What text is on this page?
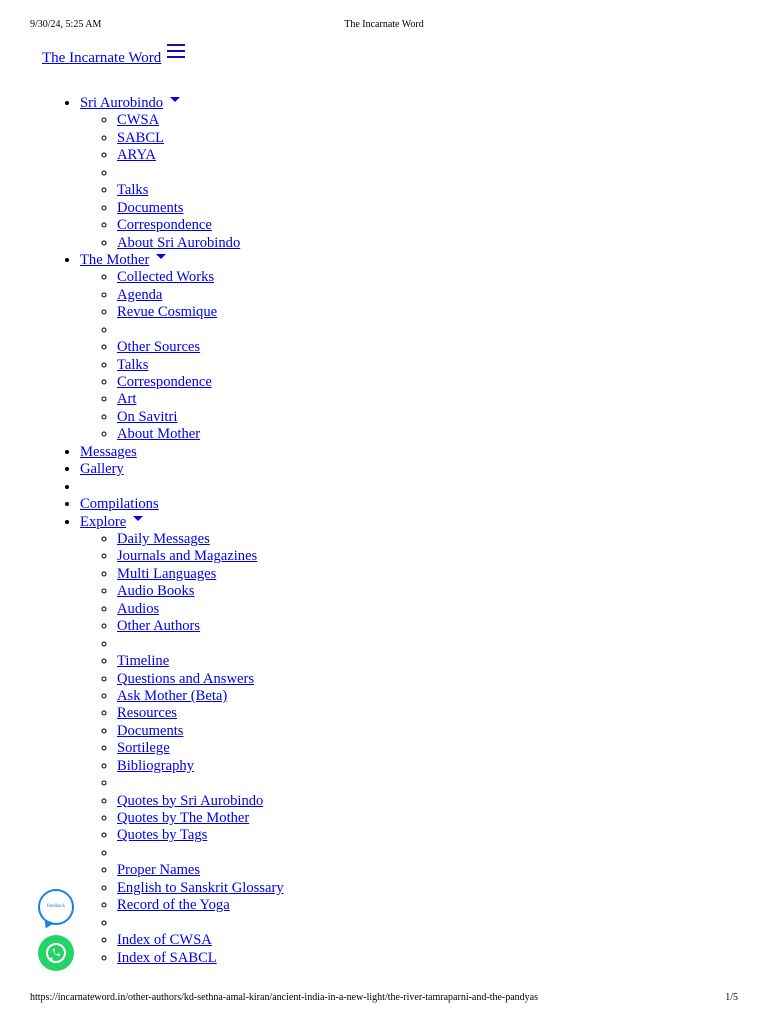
9/30/24, 5:25 AM	The Incarnate Word
The Incarnate Word
• Sri Aurobindo
◦ CWSA
◦ SABCL
◦ ARYA
◦
◦ Talks
◦ Documents
◦ Correspondence
◦ About Sri Aurobindo
• The Mother
◦ Collected Works
◦ Agenda
◦ Revue Cosmique
◦
◦ Other Sources
◦ Talks
◦ Correspondence
◦ Art
◦ On Savitri
◦ About Mother
• Messages
• Gallery
•
• Compilations
• Explore
◦ Daily Messages
◦ Journals and Magazines
◦ Multi Languages
◦ Audio Books
◦ Audios
◦ Other Authors
◦
◦ Timeline
◦ Questions and Answers
◦ Ask Mother (Beta)
◦ Resources
◦ Documents
◦ Sortilege
◦ Bibliography
◦
◦ Quotes by Sri Aurobindo
◦ Quotes by The Mother
◦ Quotes by Tags
◦
◦ Proper Names
◦ English to Sanskrit Glossary
◦ Record of the Yoga
◦
◦ Index of CWSA
◦ Index of SABCL
feedback
https://incarnateword.in/other-authors/kd-sethna-amal-kiran/ancient-india-in-a-new-light/the-river-tamraparni-and-the-pandyas	1/5
